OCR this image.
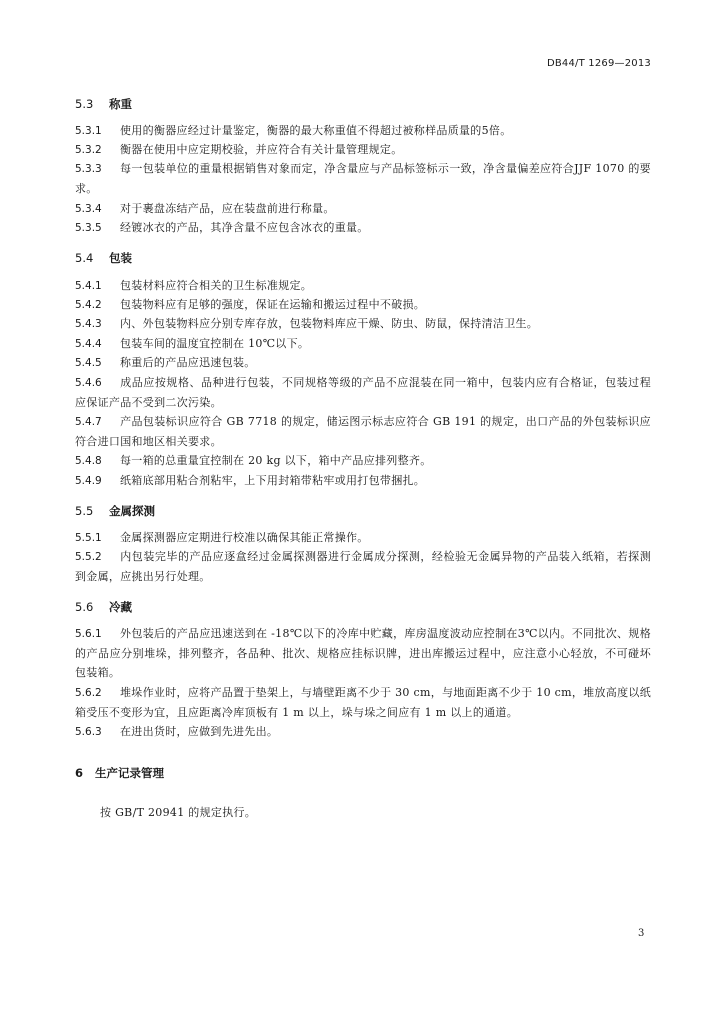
DB44/T 1269—2013
5.3 称重
5.3.1 使用的衡器应经过计量鉴定，衡器的最大称重值不得超过被称样品质量的5倍。
5.3.2 衡器在使用中应定期校验，并应符合有关计量管理规定。
5.3.3 每一包装单位的重量根据销售对象而定，净含量应与产品标签标示一致，净含量偏差应符合JJF 1070 的要求。
5.3.4 对于裹盘冻结产品，应在装盘前进行称量。
5.3.5 经镀冰衣的产品，其净含量不应包含冰衣的重量。
5.4 包装
5.4.1 包装材料应符合相关的卫生标准规定。
5.4.2 包装物料应有足够的强度，保证在运输和搬运过程中不破损。
5.4.3 内、外包装物料应分别专库存放，包装物料库应干燥、防虫、防鼠，保持清洁卫生。
5.4.4 包装车间的温度宜控制在 10℃以下。
5.4.5 称重后的产品应迅速包装。
5.4.6 成品应按规格、品种进行包装，不同规格等级的产品不应混装在同一箱中，包装内应有合格证，包装过程应保证产品不受到二次污染。
5.4.7 产品包装标识应符合 GB 7718 的规定，储运图示标志应符合 GB 191 的规定，出口产品的外包装标识应符合进口国和地区相关要求。
5.4.8 每一箱的总重量宜控制在 20 kg 以下，箱中产品应排列整齐。
5.4.9 纸箱底部用粘合剂粘牢，上下用封箱带粘牢或用打包带捆扎。
5.5 金属探测
5.5.1 金属探测器应定期进行校准以确保其能正常操作。
5.5.2 内包装完毕的产品应逐盒经过金属探测器进行金属成分探测，经检验无金属异物的产品装入纸箱，若探测到金属，应挑出另行处理。
5.6 冷藏
5.6.1 外包装后的产品应迅速送到在 -18℃以下的冷库中贮藏，库房温度波动应控制在3℃以内。不同批次、规格的产品应分别堆垛，排列整齐，各品种、批次、规格应挂标识牌，进出库搬运过程中，应注意小心轻放，不可碰坏包装箱。
5.6.2 堆垛作业时，应将产品置于垫架上，与墙壁距离不少于 30 cm，与地面距离不少于 10 cm，堆放高度以纸箱受压不变形为宜，且应距离冷库顶板有 1 m 以上，垛与垛之间应有 1 m 以上的通道。
5.6.3 在进出货时，应做到先进先出。
6 生产记录管理
按 GB/T 20941 的规定执行。
3
